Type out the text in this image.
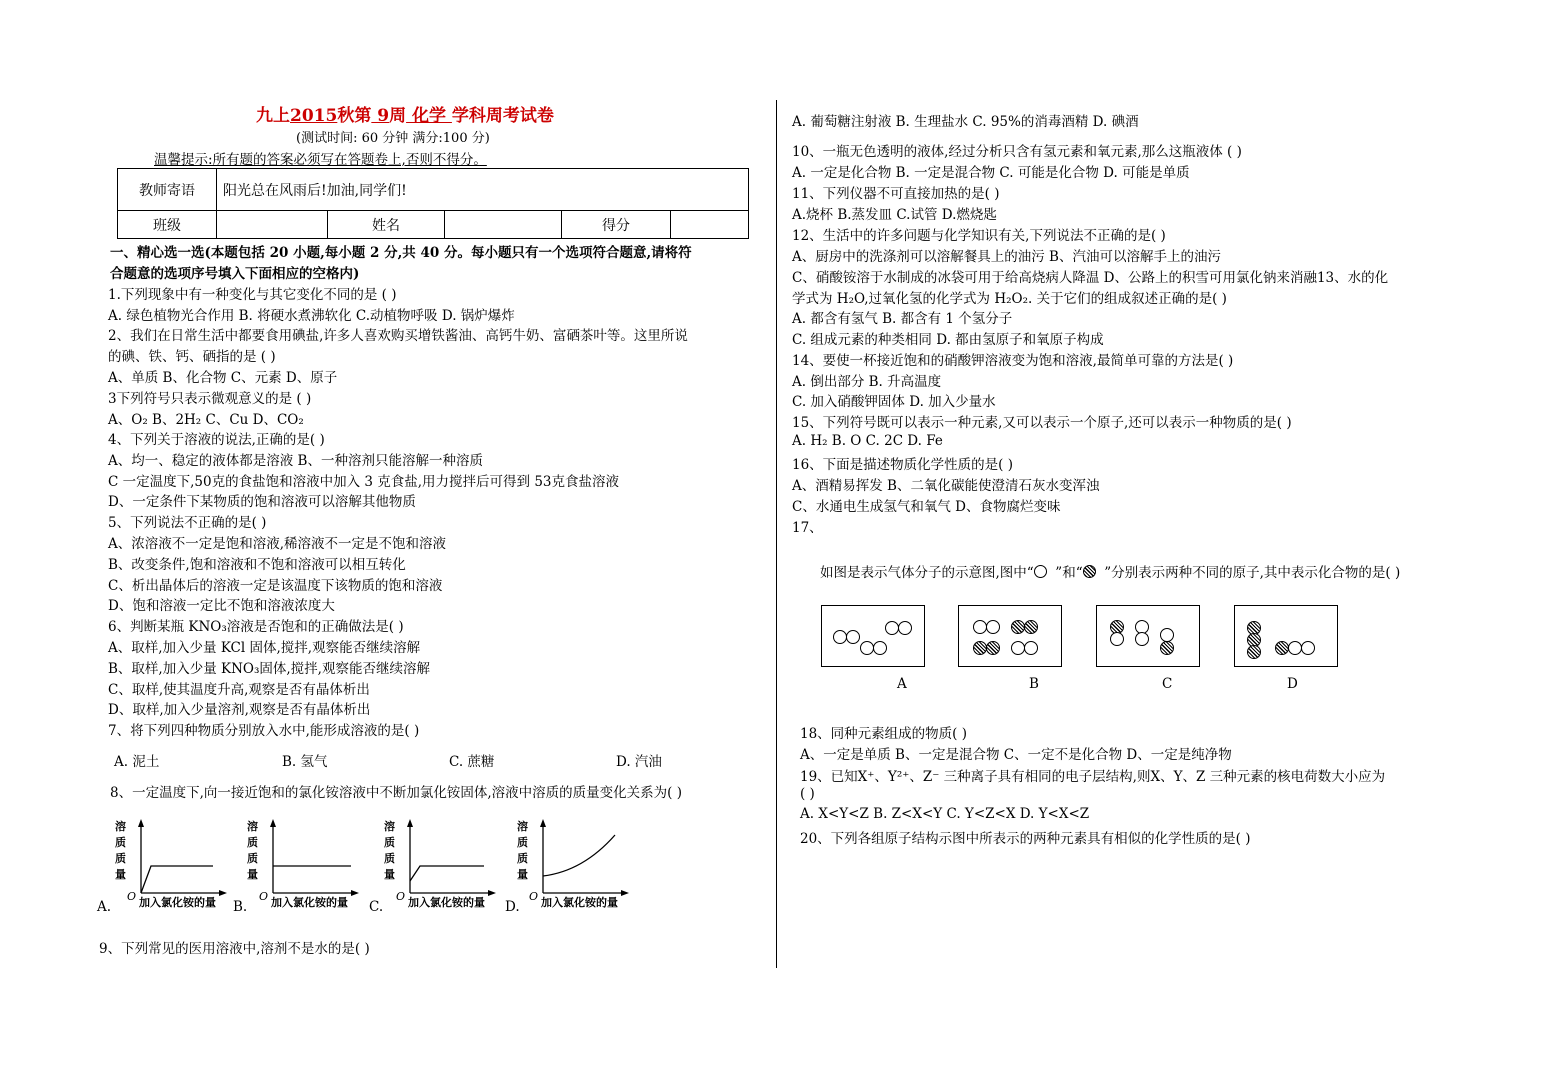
九上2015秋第 9周 化学 学科周考试卷
(测试时间: 60 分钟 满分:100 分)
温馨提示:所有题的答案必须写在答题卷上,否则不得分。
教师寄语	阳光总在风雨后!加油,同学们!				
班级		姓名		得分	
一、精心选一选(本题包括 20 小题,每小题 2 分,共 40 分。每小题只有一个选项符合题意,请将符
合题意的选项序号填入下面相应的空格内)
1.下列现象中有一种变化与其它变化不同的是 ( )
A. 绿色植物光合作用 B. 将硬水煮沸软化 C.动植物呼吸 D. 锅炉爆炸
2、我们在日常生活中都要食用碘盐,许多人喜欢购买增铁酱油、高钙牛奶、富硒茶叶等。这里所说
的碘、铁、钙、硒指的是 ( )
A、单质 B、化合物 C、元素 D、原子
3下列符号只表示微观意义的是 ( )
A、O₂ B、2H₂ C、Cu D、CO₂
4、下列关于溶液的说法,正确的是( )
A、均一、稳定的液体都是溶液 B、一种溶剂只能溶解一种溶质
C 一定温度下,50克的食盐饱和溶液中加入 3 克食盐,用力搅拌后可得到 53克食盐溶液
D、一定条件下某物质的饱和溶液可以溶解其他物质
5、下列说法不正确的是( )
A、浓溶液不一定是饱和溶液,稀溶液不一定是不饱和溶液
B、改变条件,饱和溶液和不饱和溶液可以相互转化
C、析出晶体后的溶液一定是该温度下该物质的饱和溶液
D、饱和溶液一定比不饱和溶液浓度大
6、判断某瓶 KNO₃溶液是否饱和的正确做法是( )
A、取样,加入少量 KCl 固体,搅拌,观察能否继续溶解
B、取样,加入少量 KNO₃固体,搅拌,观察能否继续溶解
C、取样,使其温度升高,观察是否有晶体析出
D、取样,加入少量溶剂,观察是否有晶体析出
7、将下列四种物质分别放入水中,能形成溶液的是( )
A. 泥土	B. 氢气	C. 蔗糖	D. 汽油
8、一定温度下,向一接近饱和的氯化铵溶液中不断加氯化铵固体,溶液中溶质的质量变化关系为( )
溶
质
质
量
O 加入氯化铵的量
A.
溶
质
质
量
O 加入氯化铵的量
B.
溶
质
质
量
O 加入氯化铵的量
C.
溶
质
质
量
O 加入氯化铵的量
D.
9、下列常见的医用溶液中,溶剂不是水的是( )
A. 葡萄糖注射液 B. 生理盐水 C. 95%的消毒酒精 D. 碘酒
10、一瓶无色透明的液体,经过分析只含有氢元素和氧元素,那么这瓶液体 ( )
A. 一定是化合物 B. 一定是混合物 C. 可能是化合物 D. 可能是单质
11、下列仪器不可直接加热的是( )
A.烧杯 B.蒸发皿 C.试管 D.燃烧匙
12、生活中的许多问题与化学知识有关,下列说法不正确的是( )
A、厨房中的洗涤剂可以溶解餐具上的油污 B、汽油可以溶解手上的油污
C、硝酸铵溶于水制成的冰袋可用于给高烧病人降温 D、公路上的积雪可用氯化钠来消融13、水的化
学式为 H₂O,过氧化氢的化学式为 H₂O₂. 关于它们的组成叙述正确的是( )
A. 都含有氢气 B. 都含有 1 个氢分子
C. 组成元素的种类相同 D. 都由氢原子和氧原子构成
14、要使一杯接近饱和的硝酸钾溶液变为饱和溶液,最简单可靠的方法是( )
A. 倒出部分 B. 升高温度
C. 加入硝酸钾固体 D. 加入少量水
15、下列符号既可以表示一种元素,又可以表示一个原子,还可以表示一种物质的是( )
A. H₂ B. O C. 2C D. Fe
16、下面是描述物质化学性质的是( )
A、酒精易挥发 B、二氧化碳能使澄清石灰水变浑浊
C、水通电生成氢气和氧气 D、食物腐烂变味
17、
如图是表示气体分子的示意图,图中“ ”和“ ”分别表示两种不同的原子,其中表示化合物的是( )
A	B	C	D
18、同种元素组成的物质( )
A、一定是单质 B、一定是混合物 C、一定不是化合物 D、一定是纯净物
19、已知X⁺、Y²⁺、Z⁻ 三种离子具有相同的电子层结构,则X、Y、Z 三种元素的核电荷数大小应为
( )
A. X<Y<Z B. Z<X<Y C. Y<Z<X D. Y<X<Z
20、下列各组原子结构示图中所表示的两种元素具有相似的化学性质的是( )
